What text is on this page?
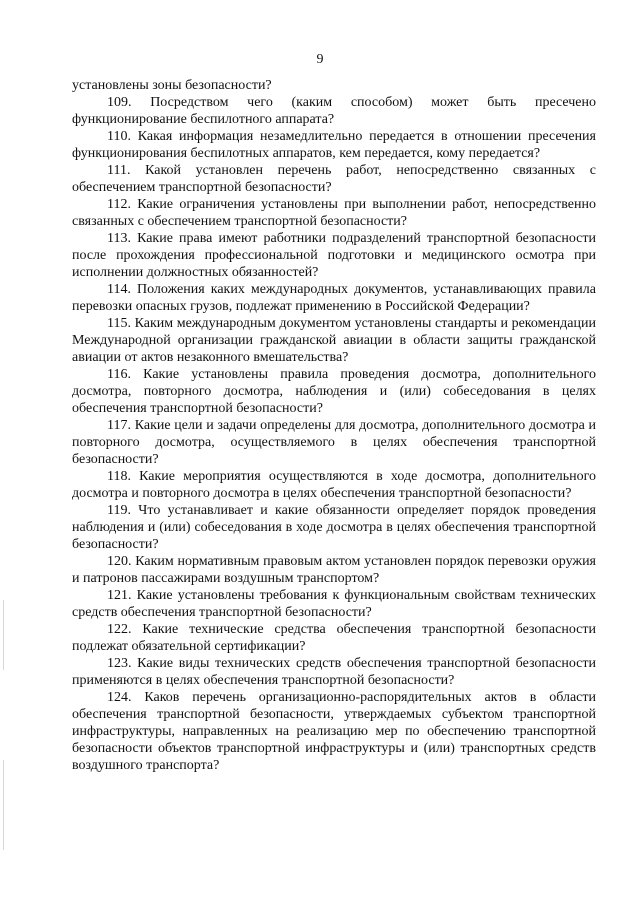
9

установлены зоны безопасности?

109. Посредством чего (каким способом) может быть пресечено функционирование беспилотного аппарата?

110. Какая информация незамедлительно передается в отношении пресечения функционирования беспилотных аппаратов, кем передается, кому передается?

111. Какой установлен перечень работ, непосредственно связанных с обеспечением транспортной безопасности?

112. Какие ограничения установлены при выполнении работ, непосредственно связанных с обеспечением транспортной безопасности?

113. Какие права имеют работники подразделений транспортной безопасности после прохождения профессиональной подготовки и медицинского осмотра при исполнении должностных обязанностей?

114. Положения каких международных документов, устанавливающих правила перевозки опасных грузов, подлежат применению в Российской Федерации?

115. Каким международным документом установлены стандарты и рекомендации Международной организации гражданской авиации в области защиты гражданской авиации от актов незаконного вмешательства?

116. Какие установлены правила проведения досмотра, дополнительного досмотра, повторного досмотра, наблюдения и (или) собеседования в целях обеспечения транспортной безопасности?

117. Какие цели и задачи определены для досмотра, дополнительного досмотра и повторного досмотра, осуществляемого в целях обеспечения транспортной безопасности?

118. Какие мероприятия осуществляются в ходе досмотра, дополнительного досмотра и повторного досмотра в целях обеспечения транспортной безопасности?

119. Что устанавливает и какие обязанности определяет порядок проведения наблюдения и (или) собеседования в ходе досмотра в целях обеспечения транспортной безопасности?

120. Каким нормативным правовым актом установлен порядок перевозки оружия и патронов пассажирами воздушным транспортом?

121. Какие установлены требования к функциональным свойствам технических средств обеспечения транспортной безопасности?

122. Какие технические средства обеспечения транспортной безопасности подлежат обязательной сертификации?

123. Какие виды технических средств обеспечения транспортной безопасности применяются в целях обеспечения транспортной безопасности?

124. Каков перечень организационно-распорядительных актов в области обеспечения транспортной безопасности, утверждаемых субъектом транспортной инфраструктуры, направленных на реализацию мер по обеспечению транспортной безопасности объектов транспортной инфраструктуры и (или) транспортных средств воздушного транспорта?
